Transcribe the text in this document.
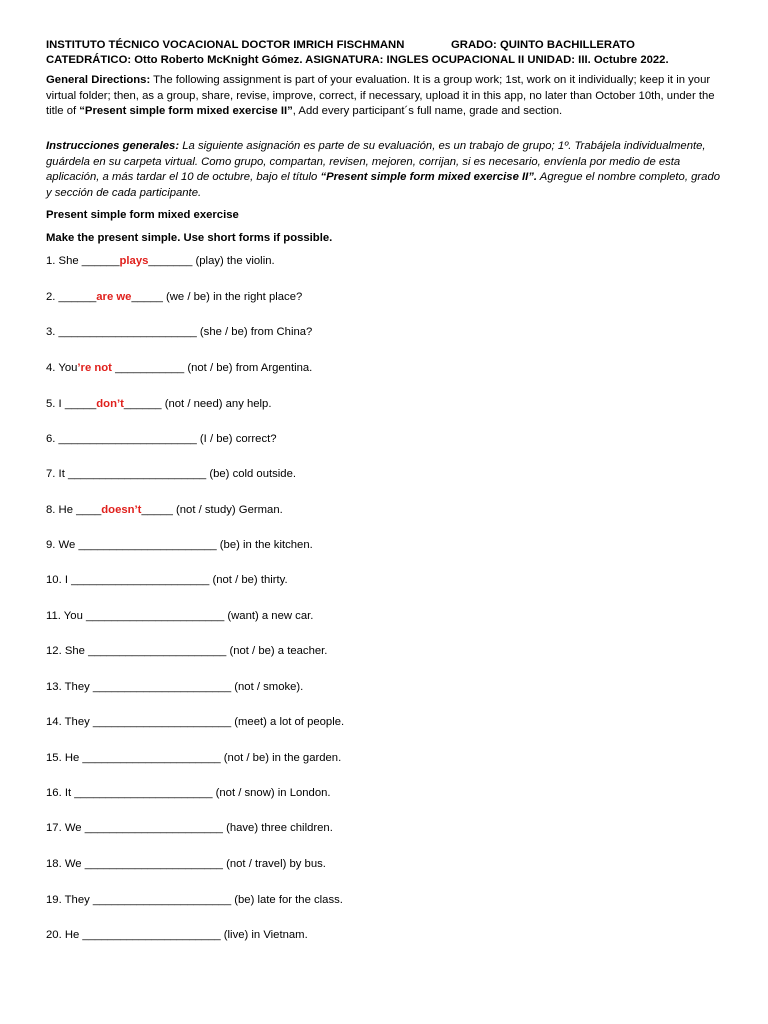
INSTITUTO TÉCNICO VOCACIONAL DOCTOR IMRICH FISCHMANN	GRADO: QUINTO BACHILLERATO
CATEDRÁTICO: Otto Roberto McKnight Gómez. ASIGNATURA: INGLES OCUPACIONAL II UNIDAD: III. Octubre 2022.
General Directions: The following assignment is part of your evaluation. It is a group work; 1st, work on it individually; keep it in your virtual folder; then, as a group, share, revise, improve, correct, if necessary, upload it in this app, no later than October 10th, under the title of “Present simple form mixed exercise II”, Add every participant´s full name, grade and section.
Instrucciones generales: La siguiente asignación es parte de su evaluación, es un trabajo de grupo; 1º. Trabájela individualmente, guárdela en su carpeta virtual. Como grupo, compartan, revisen, mejoren, corrijan, si es necesario, envíenla por medio de esta aplicación, a más tardar el 10 de octubre, bajo el título “Present simple form mixed exercise II”. Agregue el nombre completo, grado y sección de cada participante.
Present simple form mixed exercise
Make the present simple. Use short forms if possible.
1. She ______plays_______ (play) the violin.
2. ______are we_____ (we / be) in the right place?
3. ______________________ (she / be) from China?
4. You’re not ___________ (not / be) from Argentina.
5. I _____don’t______ (not / need) any help.
6. ______________________ (I / be) correct?
7. It ______________________ (be) cold outside.
8. He ____doesn’t_____ (not / study) German.
9. We ______________________ (be) in the kitchen.
10. I ______________________ (not / be) thirty.
11. You ______________________ (want) a new car.
12. She ______________________ (not / be) a teacher.
13. They ______________________ (not / smoke).
14. They ______________________ (meet) a lot of people.
15. He ______________________ (not / be) in the garden.
16. It ______________________ (not / snow) in London.
17. We ______________________ (have) three children.
18. We ______________________ (not / travel) by bus.
19. They ______________________ (be) late for the class.
20. He ______________________ (live) in Vietnam.
